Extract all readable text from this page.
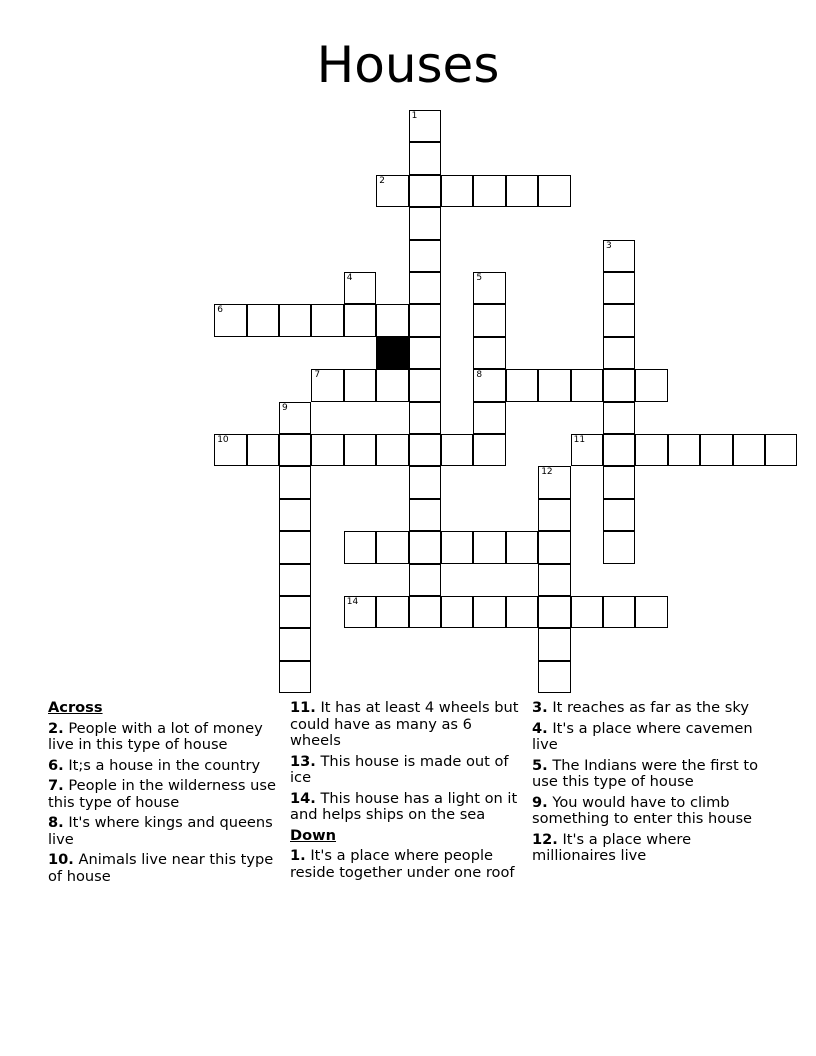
Houses
1
2
3
4	5
8
6
7
9
10	11
12
14
Across
2. People with a lot of money live in this type of house
6. It;s a house in the country
7. People in the wilderness use this type of house
8. It's where kings and queens live
10. Animals live near this type of house
11. It has at least 4 wheels but could have as many as 6 wheels
13. This house is made out of ice
14. This house has a light on it and helps ships on the sea
Down
1. It's a place where people reside together under one roof
3. It reaches as far as the sky
4. It's a place where cavemen live
5. The Indians were the first to use this type of house
9. You would have to climb something to enter this house
12. It's a place where millionaires live
